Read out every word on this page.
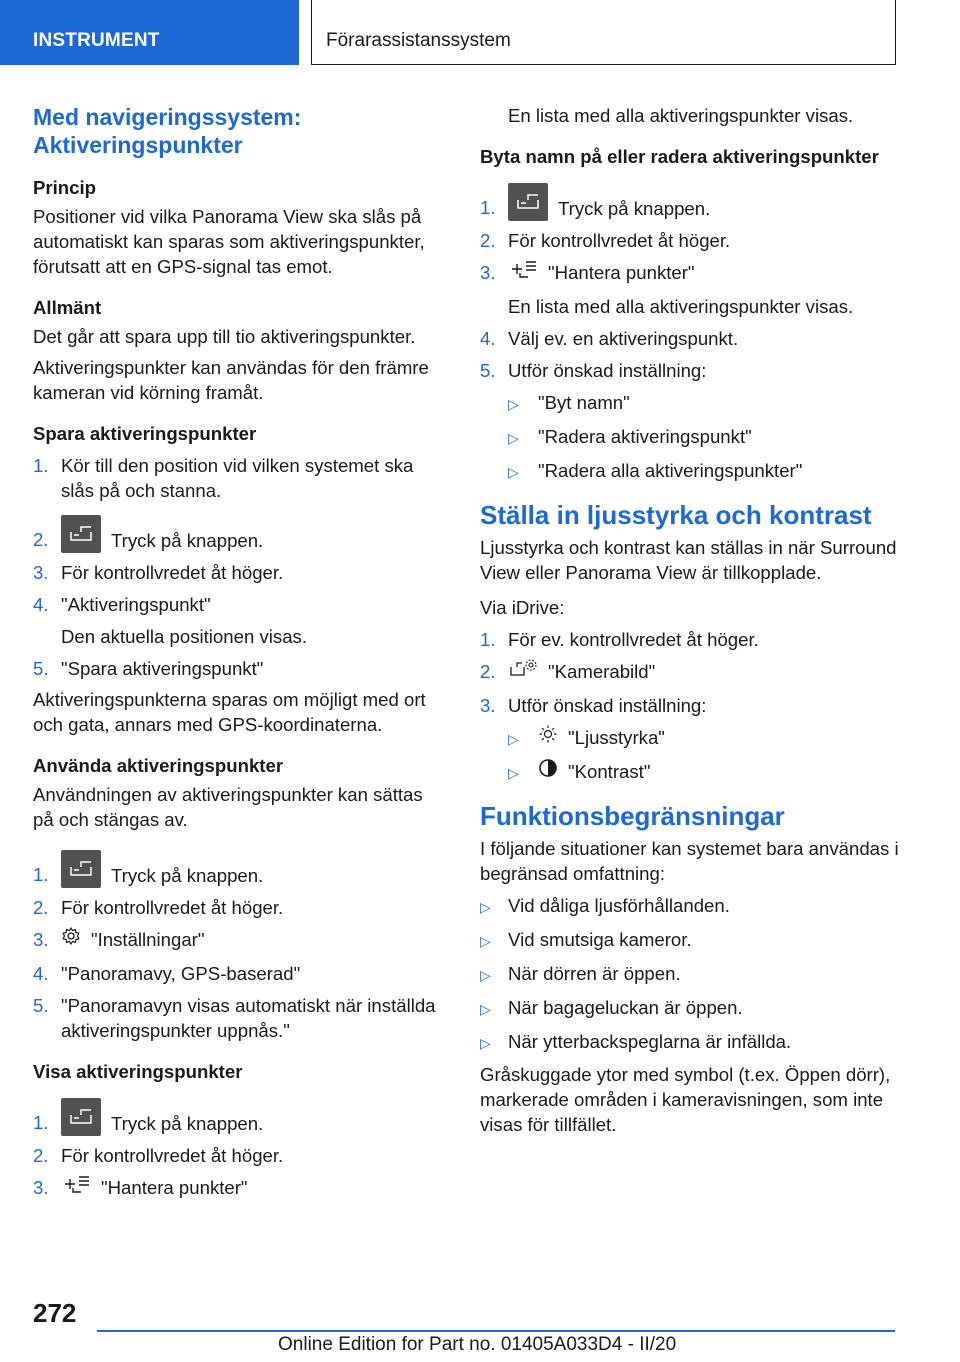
INSTRUMENT	Förarassistanssystem
Med navigeringssystem:
Aktiveringspunkter
Princip
Positioner vid vilka Panorama View ska slås på automatiskt kan sparas som aktiveringspunkter, förutsatt att en GPS-signal tas emot.
Allmänt
Det går att spara upp till tio aktiveringspunkter.
Aktiveringspunkter kan användas för den främre kameran vid körning framåt.
Spara aktiveringspunkter
1. Kör till den position vid vilken systemet ska slås på och stanna.
2.	Tryck på knappen.
3. För kontrollvredet åt höger.
4. "Aktiveringspunkt"
Den aktuella positionen visas.
5. "Spara aktiveringspunkt"
Aktiveringspunkterna sparas om möjligt med ort och gata, annars med GPS-koordinaterna.
Använda aktiveringspunkter
Användningen av aktiveringspunkter kan sättas på och stängas av.
1.	Tryck på knappen.
2. För kontrollvredet åt höger.
3.	"Inställningar"
4. "Panoramavy, GPS-baserad"
5. "Panoramavyn visas automatiskt när inställda aktiveringspunkter uppnås."
Visa aktiveringspunkter
1.	Tryck på knappen.
2. För kontrollvredet åt höger.
3.	"Hantera punkter"
En lista med alla aktiveringspunkter visas.
Byta namn på eller radera aktiveringspunkter
1.	Tryck på knappen.
2. För kontrollvredet åt höger.
3.	"Hantera punkter"
En lista med alla aktiveringspunkter visas.
4. Välj ev. en aktiveringspunkt.
5. Utför önskad inställning:
▷	"Byt namn"
▷	"Radera aktiveringspunkt"
▷	"Radera alla aktiveringspunkter"
Ställa in ljusstyrka och kontrast
Ljusstyrka och kontrast kan ställas in när Surround View eller Panorama View är tillkopplade.
Via iDrive:
1. För ev. kontrollvredet åt höger.
2.	"Kamerabild"
3. Utför önskad inställning:
▷	"Ljusstyrka"
▷	"Kontrast"
Funktionsbegränsningar
I följande situationer kan systemet bara användas i begränsad omfattning:
▷ Vid dåliga ljusförhållanden.
▷ Vid smutsiga kameror.
▷ När dörren är öppen.
▷ När bagageluckan är öppen.
▷ När ytterbackspeglarna är infällda.
Gråskuggade ytor med symbol (t.ex. Öppen dörr), markerade områden i kameravisningen, som inte visas för tillfället.
272
Online Edition for Part no. 01405A033D4 - II/20
